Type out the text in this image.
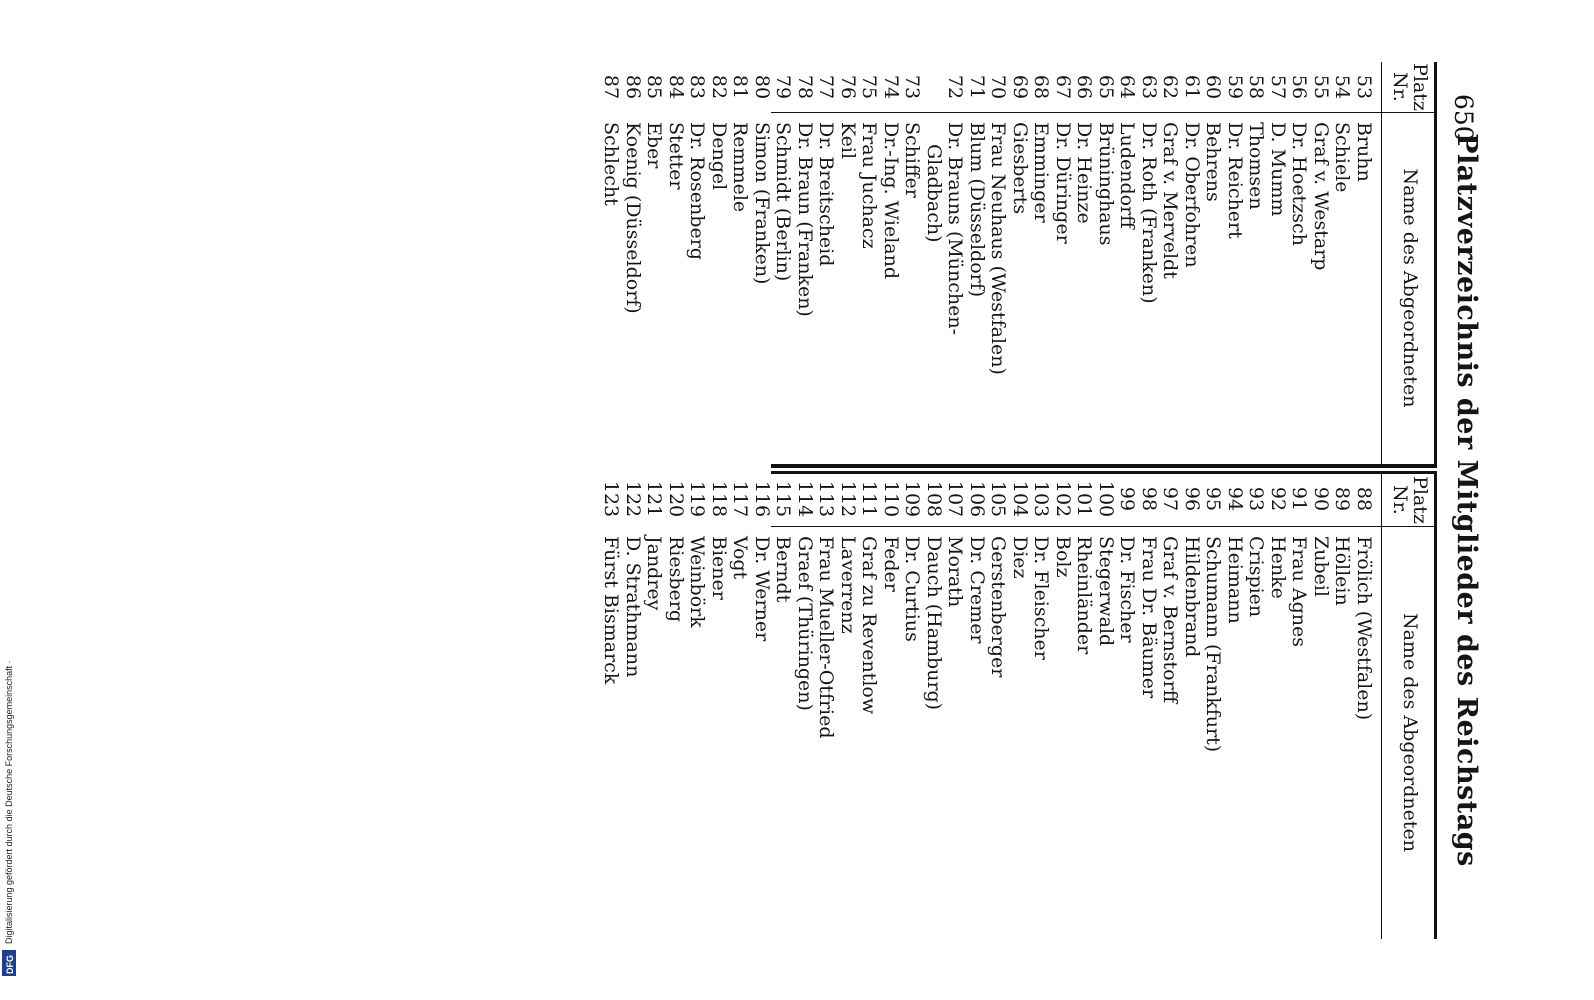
650
Platzverzeichnis der Mitglieder des Reichstags
Platz
Nr.
Name des Abgeordneten
Platz
Nr.
Name des Abgeordneten
53
54
55
56
57
58
59
60
61
62
63
64
65
66
67
68
69
70
71
72
73
74
75
76
77
78
79
80
81
82
83
84
85
86
87
Bruhn
Schiele
Graf v. Westarp
Dr. Hoetzsch
D. Mumm
Thomsen
Dr. Reichert
Behrens
Dr. Oberfohren
Graf v. Merveldt
Dr. Roth (Franken)
Ludendorff
Brüninghaus
Dr. Heinze
Dr. Düringer
Emminger
Giesberts
Frau Neuhaus (Westfalen)
Blum (Düsseldorf)
Dr. Brauns (München-
Gladbach)
Schiffer
Dr.-Ing. Wieland
Frau Juchacz
Keil
Dr. Breitscheid
Dr. Braun (Franken)
Schmidt (Berlin)
Simon (Franken)
Remmele
Dengel
Dr. Rosenberg
Stetter
Eber
Koenig (Düsseldorf)
Schlecht
88
89
90
91
92
93
94
95
96
97
98
99
100
101
102
103
104
105
106
107
108
109
110
111
112
113
114
115
116
117
118
119
120
121
122
123
Frölich (Westfalen)
Höllein
Zubeil
Frau Agnes
Henke
Crispien
Heimann
Schumann (Frankfurt)
Hildenbrand
Graf v. Bernstorff
Frau Dr. Bäumer
Dr. Fischer
Stegerwald
Rheinländer
Bolz
Dr. Fleischer
Diez
Gerstenberger
Dr. Cremer
Morath
Dauch (Hamburg)
Dr. Curtius
Feder
Graf zu Reventlow
Laverrenz
Frau Mueller-Otfried
Graef (Thüringen)
Berndt
Dr. Werner
Vogt
Biener
Weinbörk
Riesberg
Jandrey
D. Strathmann
Fürst Bismarck
Digitalisierung gefördert durch die Deutsche Forschungsgemeinschaft ·
DFG
